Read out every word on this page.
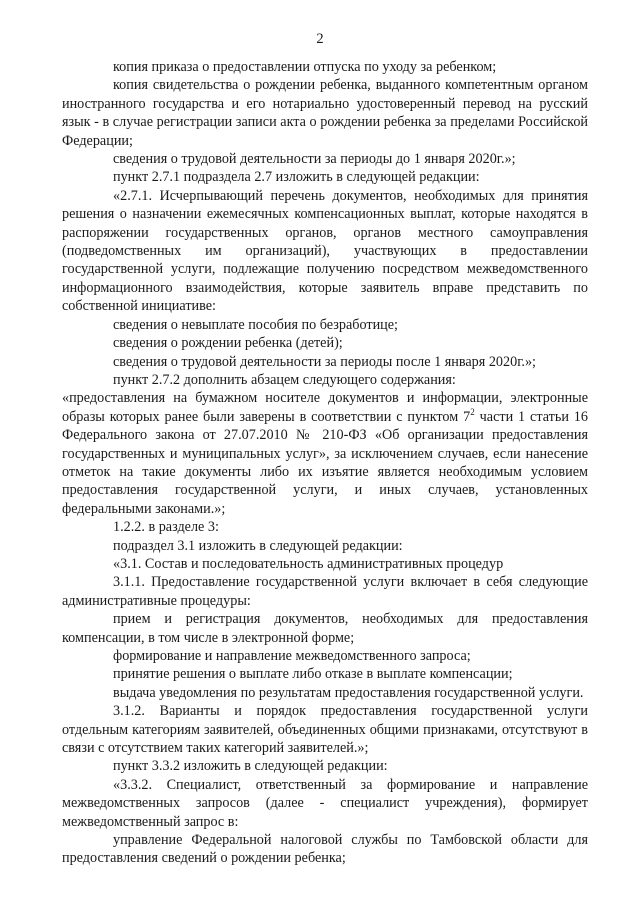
2

копия приказа о предоставлении отпуска по уходу за ребенком;

копия свидетельства о рождении ребенка, выданного компетентным органом иностранного государства и его нотариально удостоверенный перевод на русский язык - в случае регистрации записи акта о рождении ребенка за пределами Российской Федерации;

сведения о трудовой деятельности за периоды до 1 января 2020г.»;

пункт 2.7.1 подраздела 2.7 изложить в следующей редакции:

«2.7.1. Исчерпывающий перечень документов, необходимых для принятия решения о назначении ежемесячных компенсационных выплат, которые находятся в распоряжении государственных органов, органов местного самоуправления (подведомственных им организаций), участвующих в предоставлении государственной услуги, подлежащие получению посредством межведомственного информационного взаимодействия, которые заявитель вправе представить по собственной инициативе:

сведения о невыплате пособия по безработице;

сведения о рождении ребенка (детей);

сведения о трудовой деятельности за периоды после 1 января 2020г.»;

пункт 2.7.2 дополнить абзацем следующего содержания:

«предоставления на бумажном носителе документов и информации, электронные образы которых ранее были заверены в соответствии с пунктом $7^2$ части 1 статьи 16 Федерального закона от 27.07.2010 № 210-ФЗ «Об организации предоставления государственных и муниципальных услуг», за исключением случаев, если нанесение отметок на такие документы либо их изъятие является необходимым условием предоставления государственной услуги, и иных случаев, установленных федеральными законами.»;

1.2.2. в разделе 3:

подраздел 3.1 изложить в следующей редакции:

«3.1. Состав и последовательность административных процедур

3.1.1. Предоставление государственной услуги включает в себя следующие административные процедуры:

прием и регистрация документов, необходимых для предоставления компенсации, в том числе в электронной форме;

формирование и направление межведомственного запроса;

принятие решения о выплате либо отказе в выплате компенсации;

выдача уведомления по результатам предоставления государственной услуги.

3.1.2. Варианты и порядок предоставления государственной услуги отдельным категориям заявителей, объединенных общими признаками, отсутствуют в связи с отсутствием таких категорий заявителей.»;

пункт 3.3.2 изложить в следующей редакции:

«3.3.2. Специалист, ответственный за формирование и направление межведомственных запросов (далее - специалист учреждения), формирует межведомственный запрос в:

управление Федеральной налоговой службы по Тамбовской области для предоставления сведений о рождении ребенка;
